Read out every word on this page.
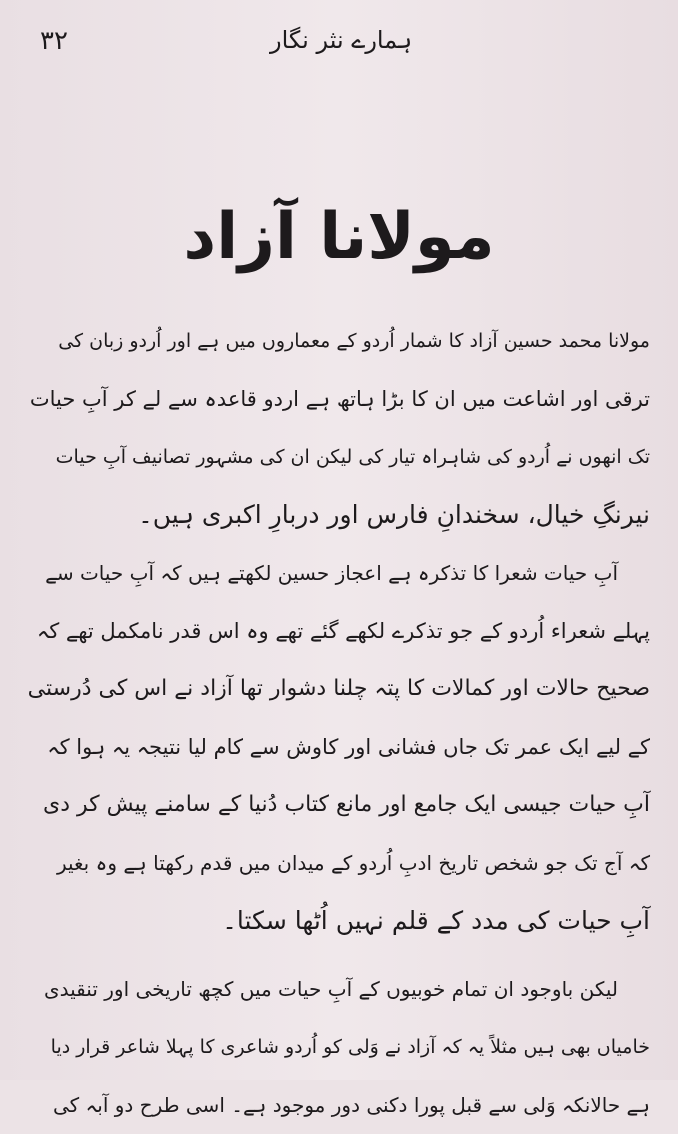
۳۲	ہمارے نثر نگار
مولانا آزاد
مولانا محمد حسین آزاد کا شمار اُردو کے معماروں میں ہے اور اُردو زبان کی
ترقی اور اشاعت میں ان کا بڑا ہاتھ ہے اردو قاعدہ سے لے کر آبِ حیات
تک انھوں نے اُردو کی شاہراہ تیار کی لیکن ان کی مشہور تصانیف آبِ حیات
نیرنگِ خیال، سخندانِ فارس اور دربارِ اکبری ہیں۔
آبِ حیات شعرا کا تذکرہ ہے اعجاز حسین لکھتے ہیں کہ آبِ حیات سے
پہلے شعراء اُردو کے جو تذکرے لکھے گئے تھے وہ اس قدر نامکمل تھے کہ
صحیح حالات اور کمالات کا پتہ چلنا دشوار تھا آزاد نے اس کی دُرستی
کے لیے ایک عمر تک جاں فشانی اور کاوش سے کام لیا نتیجہ یہ ہوا کہ
آبِ حیات جیسی ایک جامع اور مانع کتاب دُنیا کے سامنے پیش کر دی
کہ آج تک جو شخص تاریخ ادبِ اُردو کے میدان میں قدم رکھتا ہے وہ بغیر
آبِ حیات کی مدد کے قلم نہیں اُٹھا سکتا۔
لیکن باوجود ان تمام خوبیوں کے آبِ حیات میں کچھ تاریخی اور تنقیدی
خامیاں بھی ہیں مثلاً یہ کہ آزاد نے وَلی کو اُردو شاعری کا پہلا شاعر قرار دیا
ہے حالانکہ وَلی سے قبل پورا دکنی دور موجود ہے۔ اسی طرح دو آبہ کی
